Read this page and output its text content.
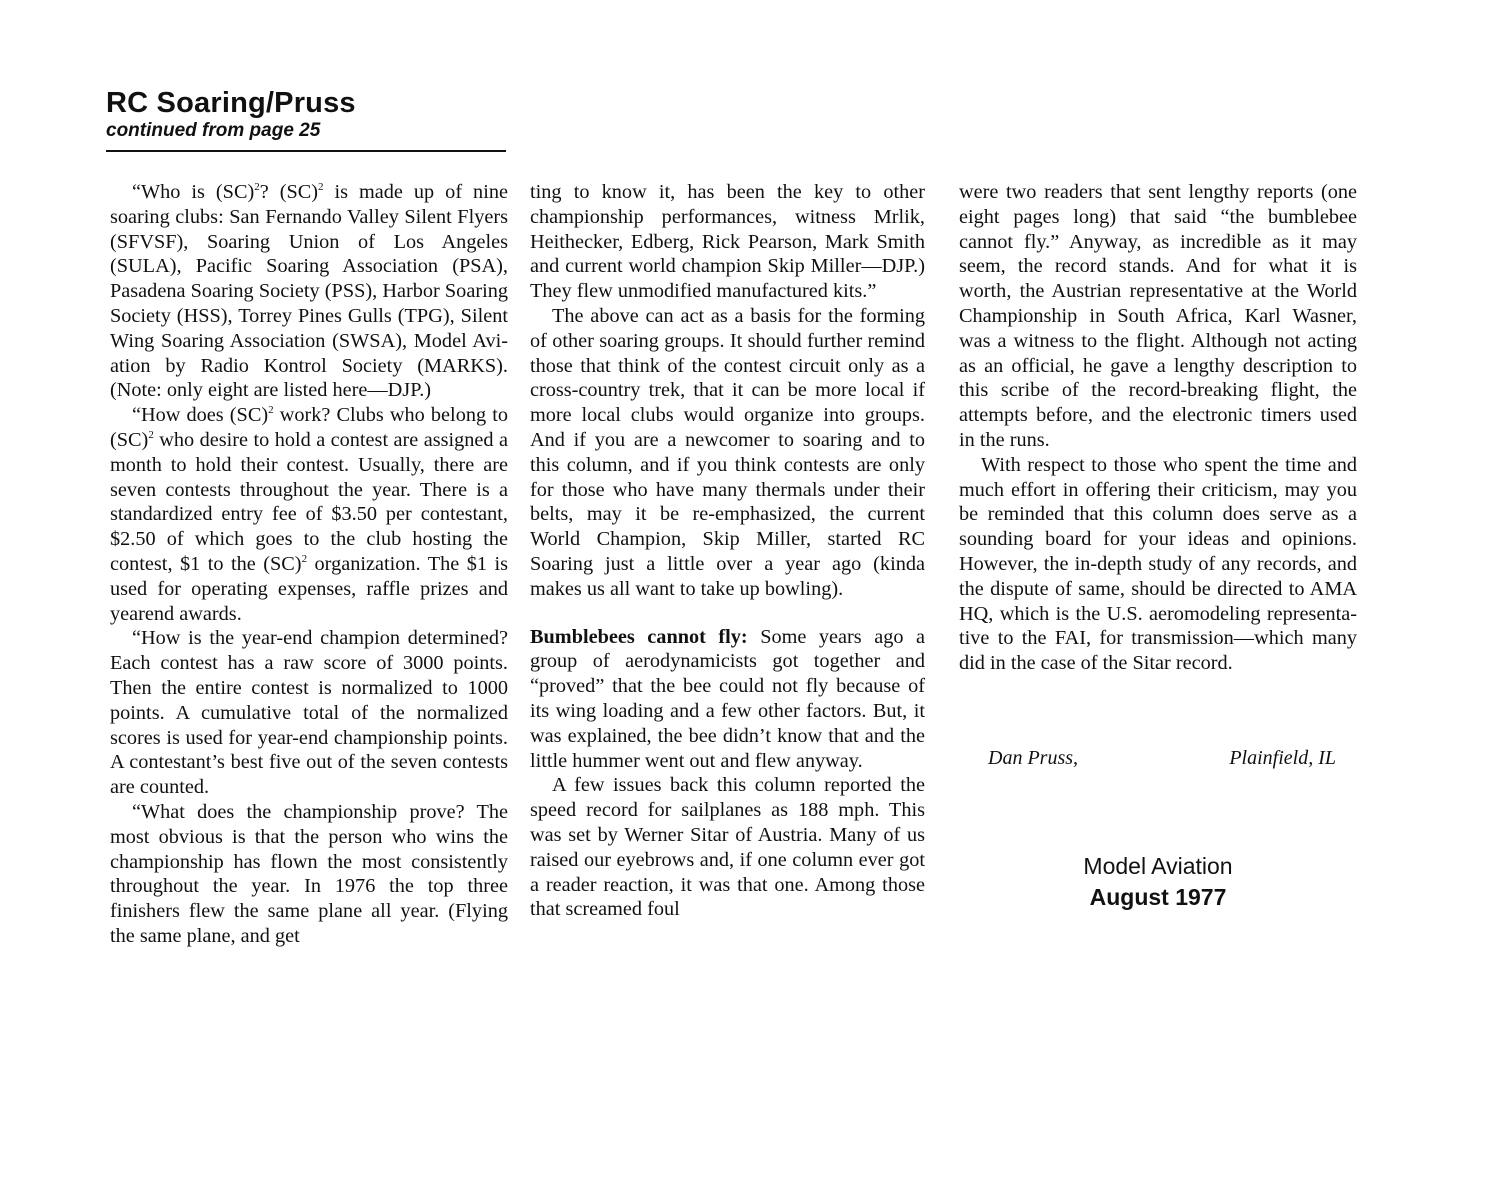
RC Soaring/Pruss
continued from page 25

“Who is (SC)$^2$? (SC)$^2$ is made up of nine soaring clubs: San Fernando Valley Silent Flyers (SFVSF), Soaring Union of Los Angeles (SULA), Pacific Soaring Association (PSA), Pasadena Soaring Society (PSS), Harbor Soaring Society (HSS), Torrey Pines Gulls (TPG), Silent Wing Soaring Association (SWSA), Model Aviation by Radio Kontrol Society (MARKS). (Note: only eight are listed here—DJP.)

“How does (SC)$^2$ work? Clubs who belong to (SC)$^2$ who desire to hold a contest are assigned a month to hold their contest. Usually, there are seven contests throughout the year. There is a standardized entry fee of $3.50 per contestant, $2.50 of which goes to the club hosting the contest, $1 to the (SC)$^2$ organization. The $1 is used for operating expenses, raffle prizes and yearend awards.

“How is the year-end champion determined? Each contest has a raw score of 3000 points. Then the entire contest is normalized to 1000 points. A cumulative total of the normalized scores is used for year-end championship points. A contestant’s best five out of the seven contests are counted.

“What does the championship prove? The most obvious is that the person who wins the championship has flown the most consistently throughout the year. In 1976 the top three finishers flew the same plane all year. (Flying the same plane, and get

ting to know it, has been the key to other championship performances, witness Mrlik, Heithecker, Edberg, Rick Pearson, Mark Smith and current world champion Skip Miller—DJP.) They flew unmodified manufactured kits.”

The above can act as a basis for the forming of other soaring groups. It should further remind those that think of the contest circuit only as a cross-country trek, that it can be more local if more local clubs would organize into groups. And if you are a newcomer to soaring and to this column, and if you think contests are only for those who have many thermals under their belts, may it be re-emphasized, the current World Champion, Skip Miller, started RC Soaring just a little over a year ago (kinda makes us all want to take up bowling).

Bumblebees cannot fly: Some years ago a group of aerodynamicists got together and “proved” that the bee could not fly because of its wing loading and a few other factors. But, it was explained, the bee didn’t know that and the little hummer went out and flew anyway.

A few issues back this column reported the speed record for sailplanes as 188 mph. This was set by Werner Sitar of Austria. Many of us raised our eyebrows and, if one column ever got a reader reaction, it was that one. Among those that screamed foul

were two readers that sent lengthy reports (one eight pages long) that said “the bumblebee cannot fly.” Anyway, as incredible as it may seem, the record stands. And for what it is worth, the Austrian representative at the World Championship in South Africa, Karl Wasner, was a witness to the flight. Although not acting as an official, he gave a lengthy description to this scribe of the record-breaking flight, the attempts before, and the electronic timers used in the runs.

With respect to those who spent the time and much effort in offering their criticism, may you be reminded that this column does serve as a sounding board for your ideas and opinions. However, the in-depth study of any records, and the dispute of same, should be directed to AMA HQ, which is the U.S. aeromodeling representative to the FAI, for transmission—which many did in the case of the Sitar record.

Dan Pruss,	Plainfield, IL
Model Aviation
August 1977
